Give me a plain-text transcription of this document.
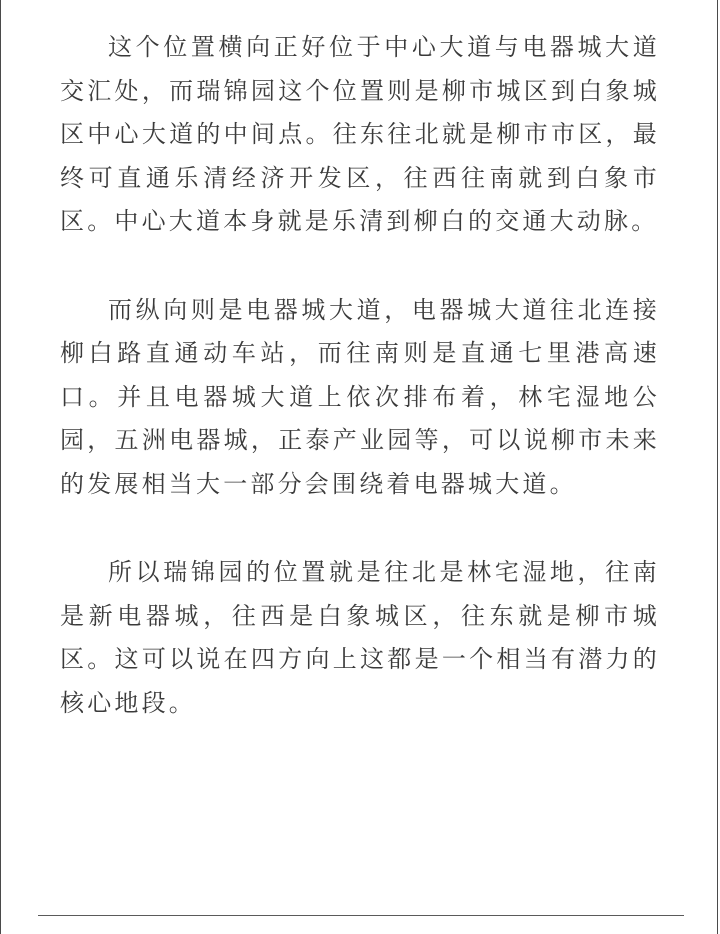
这个位置横向正好位于中心大道与电器城大道交汇处，而瑞锦园这个位置则是柳市城区到白象城区中心大道的中间点。往东往北就是柳市市区，最终可直通乐清经济开发区，往西往南就到白象市区。中心大道本身就是乐清到柳白的交通大动脉。

而纵向则是电器城大道，电器城大道往北连接柳白路直通动车站，而往南则是直通七里港高速口。并且电器城大道上依次排布着，林宅湿地公园，五洲电器城，正泰产业园等，可以说柳市未来的发展相当大一部分会围绕着电器城大道。

所以瑞锦园的位置就是往北是林宅湿地，往南是新电器城，往西是白象城区，往东就是柳市城区。这可以说在四方向上这都是一个相当有潜力的核心地段。
